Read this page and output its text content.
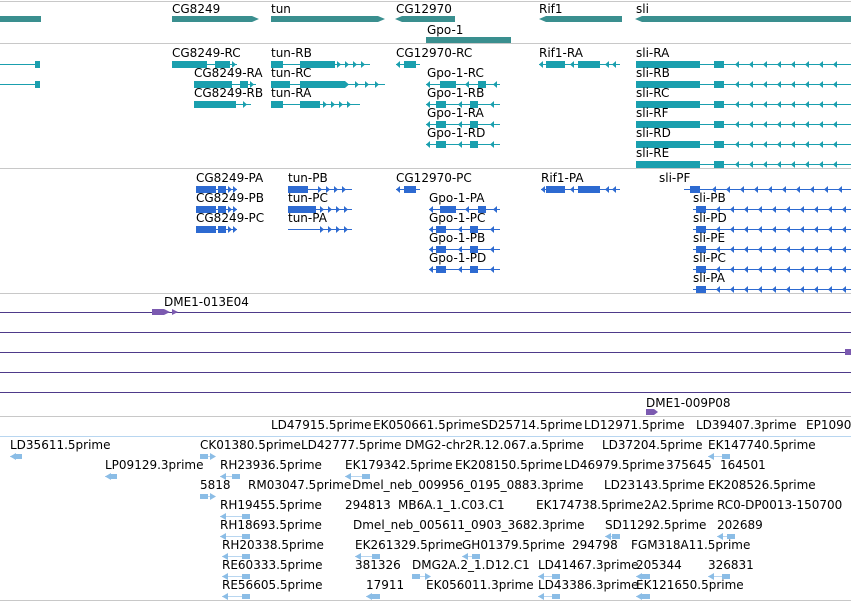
CG8249	tun	CG12970	Rif1	sli
Gpo-1
CG8249-RC
CG8249-RA
CG8249-RB
tun-RB
tun-RC
tun-RA
CG12970-RC
Gpo-1-RC
Gpo-1-RB
Gpo-1-RA
Gpo-1-RD
Rif1-RA	sli-RA
sli-RB
sli-RC
sli-RF
sli-RD
sli-RE
CG8249-PA
CG8249-PB
CG8249-PC
tun-PB
tun-PC
tun-PA
CG12970-PC
Gpo-1-PA
Gpo-1-PC
Gpo-1-PB
Gpo-1-PD
Rif1-PA	sli-PF
sli-PB
sli-PD
sli-PE
sli-PC
sli-PA
DME1-013E04
DME1-009P08
LD47915.5prime EK050661.5prime SD25714.5prime LD12971.5prime LD39407.3prime EP1090
LD35611.5prime	CK01380.5prime LD42777.5prime DMG2-chr2R.12.067.a.5prime LD37204.5prime EK147740.5prime
LP09129.3prime RH23936.5prime EK179342.5prime EK208150.5prime LD46979.5prime 375645 164501
5818 RM03047.5prime Dmel_neb_009956_0195_0883.3prime LD23143.5prime EK208526.5prime
RH19455.5prime 294813 MB6A.1_1.C03.C1	EK174738.5prime 2A2.5prime RC0-DP0013-150700
RH18693.5prime	Dmel_neb_005611_0903_3682.3prime SD11292.5prime 202689
RH20338.5prime	EK261329.5prime GH01379.5prime 294798 FGM318A11.5prime
RE60333.5prime	381326 DMG2A.2_1.D12.C1 LD41467.3prime
205344 326831
RE56605.5prime	17911 EK056011.3prime LD43386.3prime
EK121650.5prime
